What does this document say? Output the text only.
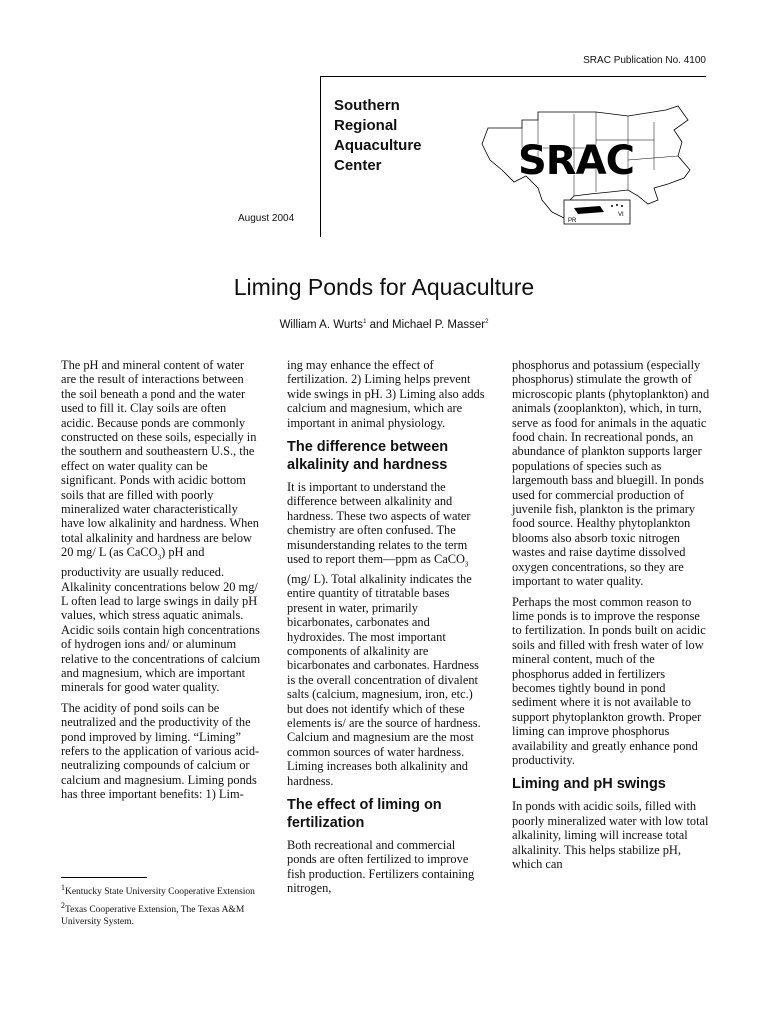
SRAC Publication No. 4100
Southern
Regional
Aquaculture
Center	SRAC
PR
VI
August 2004
Liming Ponds for Aquaculture
William A. Wurts$^1$ and Michael P. Masser$^2$

The pH and mineral content of water are the result of interactions between the soil beneath a pond and the water used to fill it. Clay soils are often acidic. Because ponds are commonly constructed on these soils, especially in the southern and southeastern U.S., the effect on water quality can be significant. Ponds with acidic bottom soils that are filled with poorly mineralized water characteristically have low alkalinity and hardness. When total alkalinity and hardness are below 20 mg/ L (as CaCO$_3$) pH and productivity are usually reduced. Alkalinity concentrations below 20 mg/ L often lead to large swings in daily pH values, which stress aquatic animals. Acidic soils contain high concentrations of hydrogen ions and/ or aluminum relative to the concentrations of calcium and magnesium, which are important minerals for good water quality.

The acidity of pond soils can be neutralized and the productivity of the pond improved by liming. “Liming” refers to the application of various acid-neutralizing compounds of calcium or calcium and magnesium. Liming ponds has three important benefits: 1) Lim-

ing may enhance the effect of fertilization. 2) Liming helps prevent wide swings in pH. 3) Liming also adds calcium and magnesium, which are important in animal physiology.

The difference between alkalinity and hardness

It is important to understand the difference between alkalinity and hardness. These two aspects of water chemistry are often confused. The misunderstanding relates to the term used to report them—ppm as CaCO$_3$ (mg/ L). Total alkalinity indicates the entire quantity of titratable bases present in water, primarily bicarbonates, carbonates and hydroxides. The most important components of alkalinity are bicarbonates and carbonates. Hardness is the overall concentration of divalent salts (calcium, magnesium, iron, etc.) but does not identify which of these elements is/ are the source of hardness. Calcium and magnesium are the most common sources of water hardness. Liming increases both alkalinity and hardness.

The effect of liming on fertilization

Both recreational and commercial ponds are often fertilized to improve fish production. Fertilizers containing nitrogen,

phosphorus and potassium (especially phosphorus) stimulate the growth of microscopic plants (phytoplankton) and animals (zooplankton), which, in turn, serve as food for animals in the aquatic food chain. In recreational ponds, an abundance of plankton supports larger populations of species such as largemouth bass and bluegill. In ponds used for commercial production of juvenile fish, plankton is the primary food source. Healthy phytoplankton blooms also absorb toxic nitrogen wastes and raise daytime dissolved oxygen concentrations, so they are important to water quality.

Perhaps the most common reason to lime ponds is to improve the response to fertilization. In ponds built on acidic soils and filled with fresh water of low mineral content, much of the phosphorus added in fertilizers becomes tightly bound in pond sediment where it is not available to support phytoplankton growth. Proper liming can improve phosphorus availability and greatly enhance pond productivity.

Liming and pH swings

In ponds with acidic soils, filled with poorly mineralized water with low total alkalinity, liming will increase total alkalinity. This helps stabilize pH, which can

$^1$Kentucky State University Cooperative Extension

$^2$Texas Cooperative Extension, The Texas A&M University System.
